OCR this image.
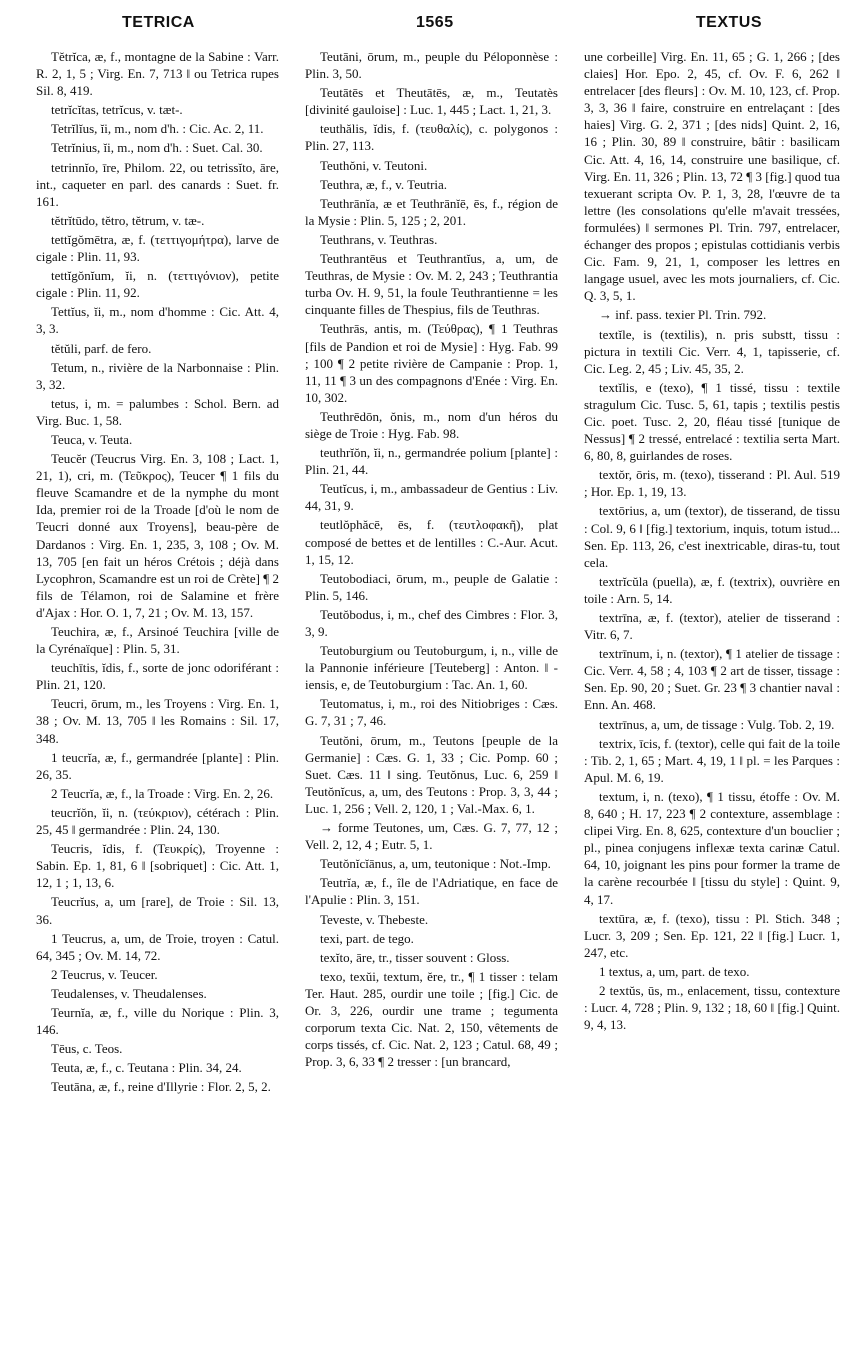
TETRICA	1565	TEXTUS

Tĕtrĭca, æ, f., montagne de la Sabine : Varr. R. 2, 1, 5 ; Virg. En. 7, 713 ‖ ou Tetrica rupes Sil. 8, 419.

tetrĭcĭtas, tetrĭcus, v. tæt-.

Tetrĭlĭus, ĭi, m., nom d'h. : Cic. Ac. 2, 11.

Tetrĭnius, ĭi, m., nom d'h. : Suet. Cal. 30.

tetrinnĭo, īre, Philom. 22, ou tetrissĭto, āre, int., caqueter en parl. des canards : Suet. fr. 161.

tĕtrĭtūdo, tĕtro, tĕtrum, v. tæ-.

tettĭgŏmētra, æ, f. (τεττιγομήτρα), larve de cigale : Plin. 11, 93.

tettĭgŏnĭum, ĭi, n. (τεττιγόνιον), petite cigale : Plin. 11, 92.

Tettĭus, ĭi, m., nom d'homme : Cic. Att. 4, 3, 3.

tĕtŭli, parf. de fero.

Tetum, n., rivière de la Narbonnaise : Plin. 3, 32.

tetus, i, m. = palumbes : Schol. Bern. ad Virg. Buc. 1, 58.

Teuca, v. Teuta.

Teucĕr (Teucrus Virg. En. 3, 108 ; Lact. 1, 21, 1), cri, m. (Τεῦκρος), Teucer ¶ 1 fils du fleuve Scamandre et de la nymphe du mont Ida, premier roi de la Troade [d'où le nom de Teucri donné aux Troyens], beau-père de Dardanos : Virg. En. 1, 235, 3, 108 ; Ov. M. 13, 705 [en fait un héros Crétois ; déjà dans Lycophron, Scamandre est un roi de Crète] ¶ 2 fils de Télamon, roi de Salamine et frère d'Ajax : Hor. O. 1, 7, 21 ; Ov. M. 13, 157.

Teuchira, æ, f., Arsinoé Teuchira [ville de la Cyrénaïque] : Plin. 5, 31.

teuchītis, ĭdis, f., sorte de jonc odoriférant : Plin. 21, 120.

Teucri, ōrum, m., les Troyens : Virg. En. 1, 38 ; Ov. M. 13, 705 ‖ les Romains : Sil. 17, 348.

1 teucrĭa, æ, f., germandrée [plante] : Plin. 26, 35.

2 Teucrĭa, æ, f., la Troade : Virg. En. 2, 26.

teucrĭŏn, ĭi, n. (τεύκριον), cétérach : Plin. 25, 45 ‖ germandrée : Plin. 24, 130.

Teucris, ĭdis, f. (Τευκρίς), Troyenne : Sabin. Ep. 1, 81, 6 ‖ [sobriquet] : Cic. Att. 1, 12, 1 ; 1, 13, 6.

Teucrĭus, a, um [rare], de Troie : Sil. 13, 36.

1 Teucrus, a, um, de Troie, troyen : Catul. 64, 345 ; Ov. M. 14, 72.

2 Teucrus, v. Teucer.

Teudalenses, v. Theudalenses.

Teurnĭa, æ, f., ville du Norique : Plin. 3, 146.

Tēus, c. Teos.

Teuta, æ, f., c. Teutana : Plin. 34, 24.

Teutāna, æ, f., reine d'Illyrie : Flor. 2, 5, 2.

Teutāni, ōrum, m., peuple du Péloponnèse : Plin. 3, 50.

Teutātēs et Theutātēs, æ, m., Teutatès [divinité gauloise] : Luc. 1, 445 ; Lact. 1, 21, 3.

teuthălis, ĭdis, f. (τευθαλίς), c. polygonos : Plin. 27, 113.

Teuthŏni, v. Teutoni.

Teuthra, æ, f., v. Teutria.

Teuthrānĭa, æ et Teuthrānĭē, ēs, f., région de la Mysie : Plin. 5, 125 ; 2, 201.

Teuthrans, v. Teuthras.

Teuthrantēus et Teuthrantĭus, a, um, de Teuthras, de Mysie : Ov. M. 2, 243 ; Teuthrantia turba Ov. H. 9, 51, la foule Teuthrantienne = les cinquante filles de Thespius, fils de Teuthras.

Teuthrās, antis, m. (Τεύθρας), ¶ 1 Teuthras [fils de Pandion et roi de Mysie] : Hyg. Fab. 99 ; 100 ¶ 2 petite rivière de Campanie : Prop. 1, 11, 11 ¶ 3 un des compagnons d'Enée : Virg. En. 10, 302.

Teuthrēdōn, ŏnis, m., nom d'un héros du siège de Troie : Hyg. Fab. 98.

teuthrĭŏn, ĭi, n., germandrée polium [plante] : Plin. 21, 44.

Teutĭcus, i, m., ambassadeur de Gentius : Liv. 44, 31, 9.

teutlŏphăcē, ēs, f. (τευτλοφακῆ), plat composé de bettes et de lentilles : C.-Aur. Acut. 1, 15, 12.

Teutobodiaci, ōrum, m., peuple de Galatie : Plin. 5, 146.

Teutŏbodus, i, m., chef des Cimbres : Flor. 3, 3, 9.

Teutoburgium ou Teutoburgum, i, n., ville de la Pannonie inférieure [Teuteberg] : Anton. ‖ -iensis, e, de Teutoburgium : Tac. An. 1, 60.

Teutomatus, i, m., roi des Nitiobriges : Cæs. G. 7, 31 ; 7, 46.

Teutŏni, ōrum, m., Teutons [peuple de la Germanie] : Cæs. G. 1, 33 ; Cic. Pomp. 60 ; Suet. Cæs. 11 ‖ sing. Teutŏnus, Luc. 6, 259 ‖ Teutŏnĭcus, a, um, des Teutons : Prop. 3, 3, 44 ; Luc. 1, 256 ; Vell. 2, 120, 1 ; Val.-Max. 6, 1.

→ forme Teutones, um, Cæs. G. 7, 77, 12 ; Vell. 2, 12, 4 ; Eutr. 5, 1.

Teutŏnĭcĭānus, a, um, teutonique : Not.-Imp.

Teutrĭa, æ, f., île de l'Adriatique, en face de l'Apulie : Plin. 3, 151.

Teveste, v. Thebeste.

texi, part. de tego.

texĭto, āre, tr., tisser souvent : Gloss.

texo, texŭi, textum, ĕre, tr., ¶ 1 tisser : telam Ter. Haut. 285, ourdir une toile ; [fig.] Cic. de Or. 3, 226, ourdir une trame ; tegumenta corporum texta Cic. Nat. 2, 150, vêtements de corps tissés, cf. Cic. Nat. 2, 123 ; Catul. 68, 49 ; Prop. 3, 6, 33 ¶ 2 tresser : [un brancard,

une corbeille] Virg. En. 11, 65 ; G. 1, 266 ; [des claies] Hor. Epo. 2, 45, cf. Ov. F. 6, 262 ‖ entrelacer [des fleurs] : Ov. M. 10, 123, cf. Prop. 3, 3, 36 ‖ faire, construire en entrelaçant : [des haies] Virg. G. 2, 371 ; [des nids] Quint. 2, 16, 16 ; Plin. 30, 89 ‖ construire, bâtir : basilicam Cic. Att. 4, 16, 14, construire une basilique, cf. Virg. En. 11, 326 ; Plin. 13, 72 ¶ 3 [fig.] quod tua texuerant scripta Ov. P. 1, 3, 28, l'œuvre de ta lettre (les consolations qu'elle m'avait tressées, formulées) ‖ sermones Pl. Trin. 797, entrelacer, échanger des propos ; epistulas cottidianis verbis Cic. Fam. 9, 21, 1, composer les lettres en langage usuel, avec les mots journaliers, cf. Cic. Q. 3, 5, 1.

→ inf. pass. texier Pl. Trin. 792.

textĭle, is (textilis), n. pris substt, tissu : pictura in textili Cic. Verr. 4, 1, tapisserie, cf. Cic. Leg. 2, 45 ; Liv. 45, 35, 2.

textĭlis, e (texo), ¶ 1 tissé, tissu : textile stragulum Cic. Tusc. 5, 61, tapis ; textilis pestis Cic. poet. Tusc. 2, 20, fléau tissé [tunique de Nessus] ¶ 2 tressé, entrelacé : textilia serta Mart. 6, 80, 8, guirlandes de roses.

textŏr, ōris, m. (texo), tisserand : Pl. Aul. 519 ; Hor. Ep. 1, 19, 13.

textōrius, a, um (textor), de tisserand, de tissu : Col. 9, 6 ‖ [fig.] textorium, inquis, totum istud... Sen. Ep. 113, 26, c'est inextricable, diras-tu, tout cela.

textrĭcŭla (puella), æ, f. (textrix), ouvrière en toile : Arn. 5, 14.

textrīna, æ, f. (textor), atelier de tisserand : Vitr. 6, 7.

textrīnum, i, n. (textor), ¶ 1 atelier de tissage : Cic. Verr. 4, 58 ; 4, 103 ¶ 2 art de tisser, tissage : Sen. Ep. 90, 20 ; Suet. Gr. 23 ¶ 3 chantier naval : Enn. An. 468.

textrīnus, a, um, de tissage : Vulg. Tob. 2, 19.

textrix, īcis, f. (textor), celle qui fait de la toile : Tib. 2, 1, 65 ; Mart. 4, 19, 1 ‖ pl. = les Parques : Apul. M. 6, 19.

textum, i, n. (texo), ¶ 1 tissu, étoffe : Ov. M. 8, 640 ; H. 17, 223 ¶ 2 contexture, assemblage : clipei Virg. En. 8, 625, contexture d'un bouclier ; pl., pinea conjugens inflexæ texta carinæ Catul. 64, 10, joignant les pins pour former la trame de la carène recourbée ‖ [tissu du style] : Quint. 9, 4, 17.

textūra, æ, f. (texo), tissu : Pl. Stich. 348 ; Lucr. 3, 209 ; Sen. Ep. 121, 22 ‖ [fig.] Lucr. 1, 247, etc.

1 textus, a, um, part. de texo.

2 textŭs, ūs, m., enlacement, tissu, contexture : Lucr. 4, 728 ; Plin. 9, 132 ; 18, 60 ‖ [fig.] Quint. 9, 4, 13.
